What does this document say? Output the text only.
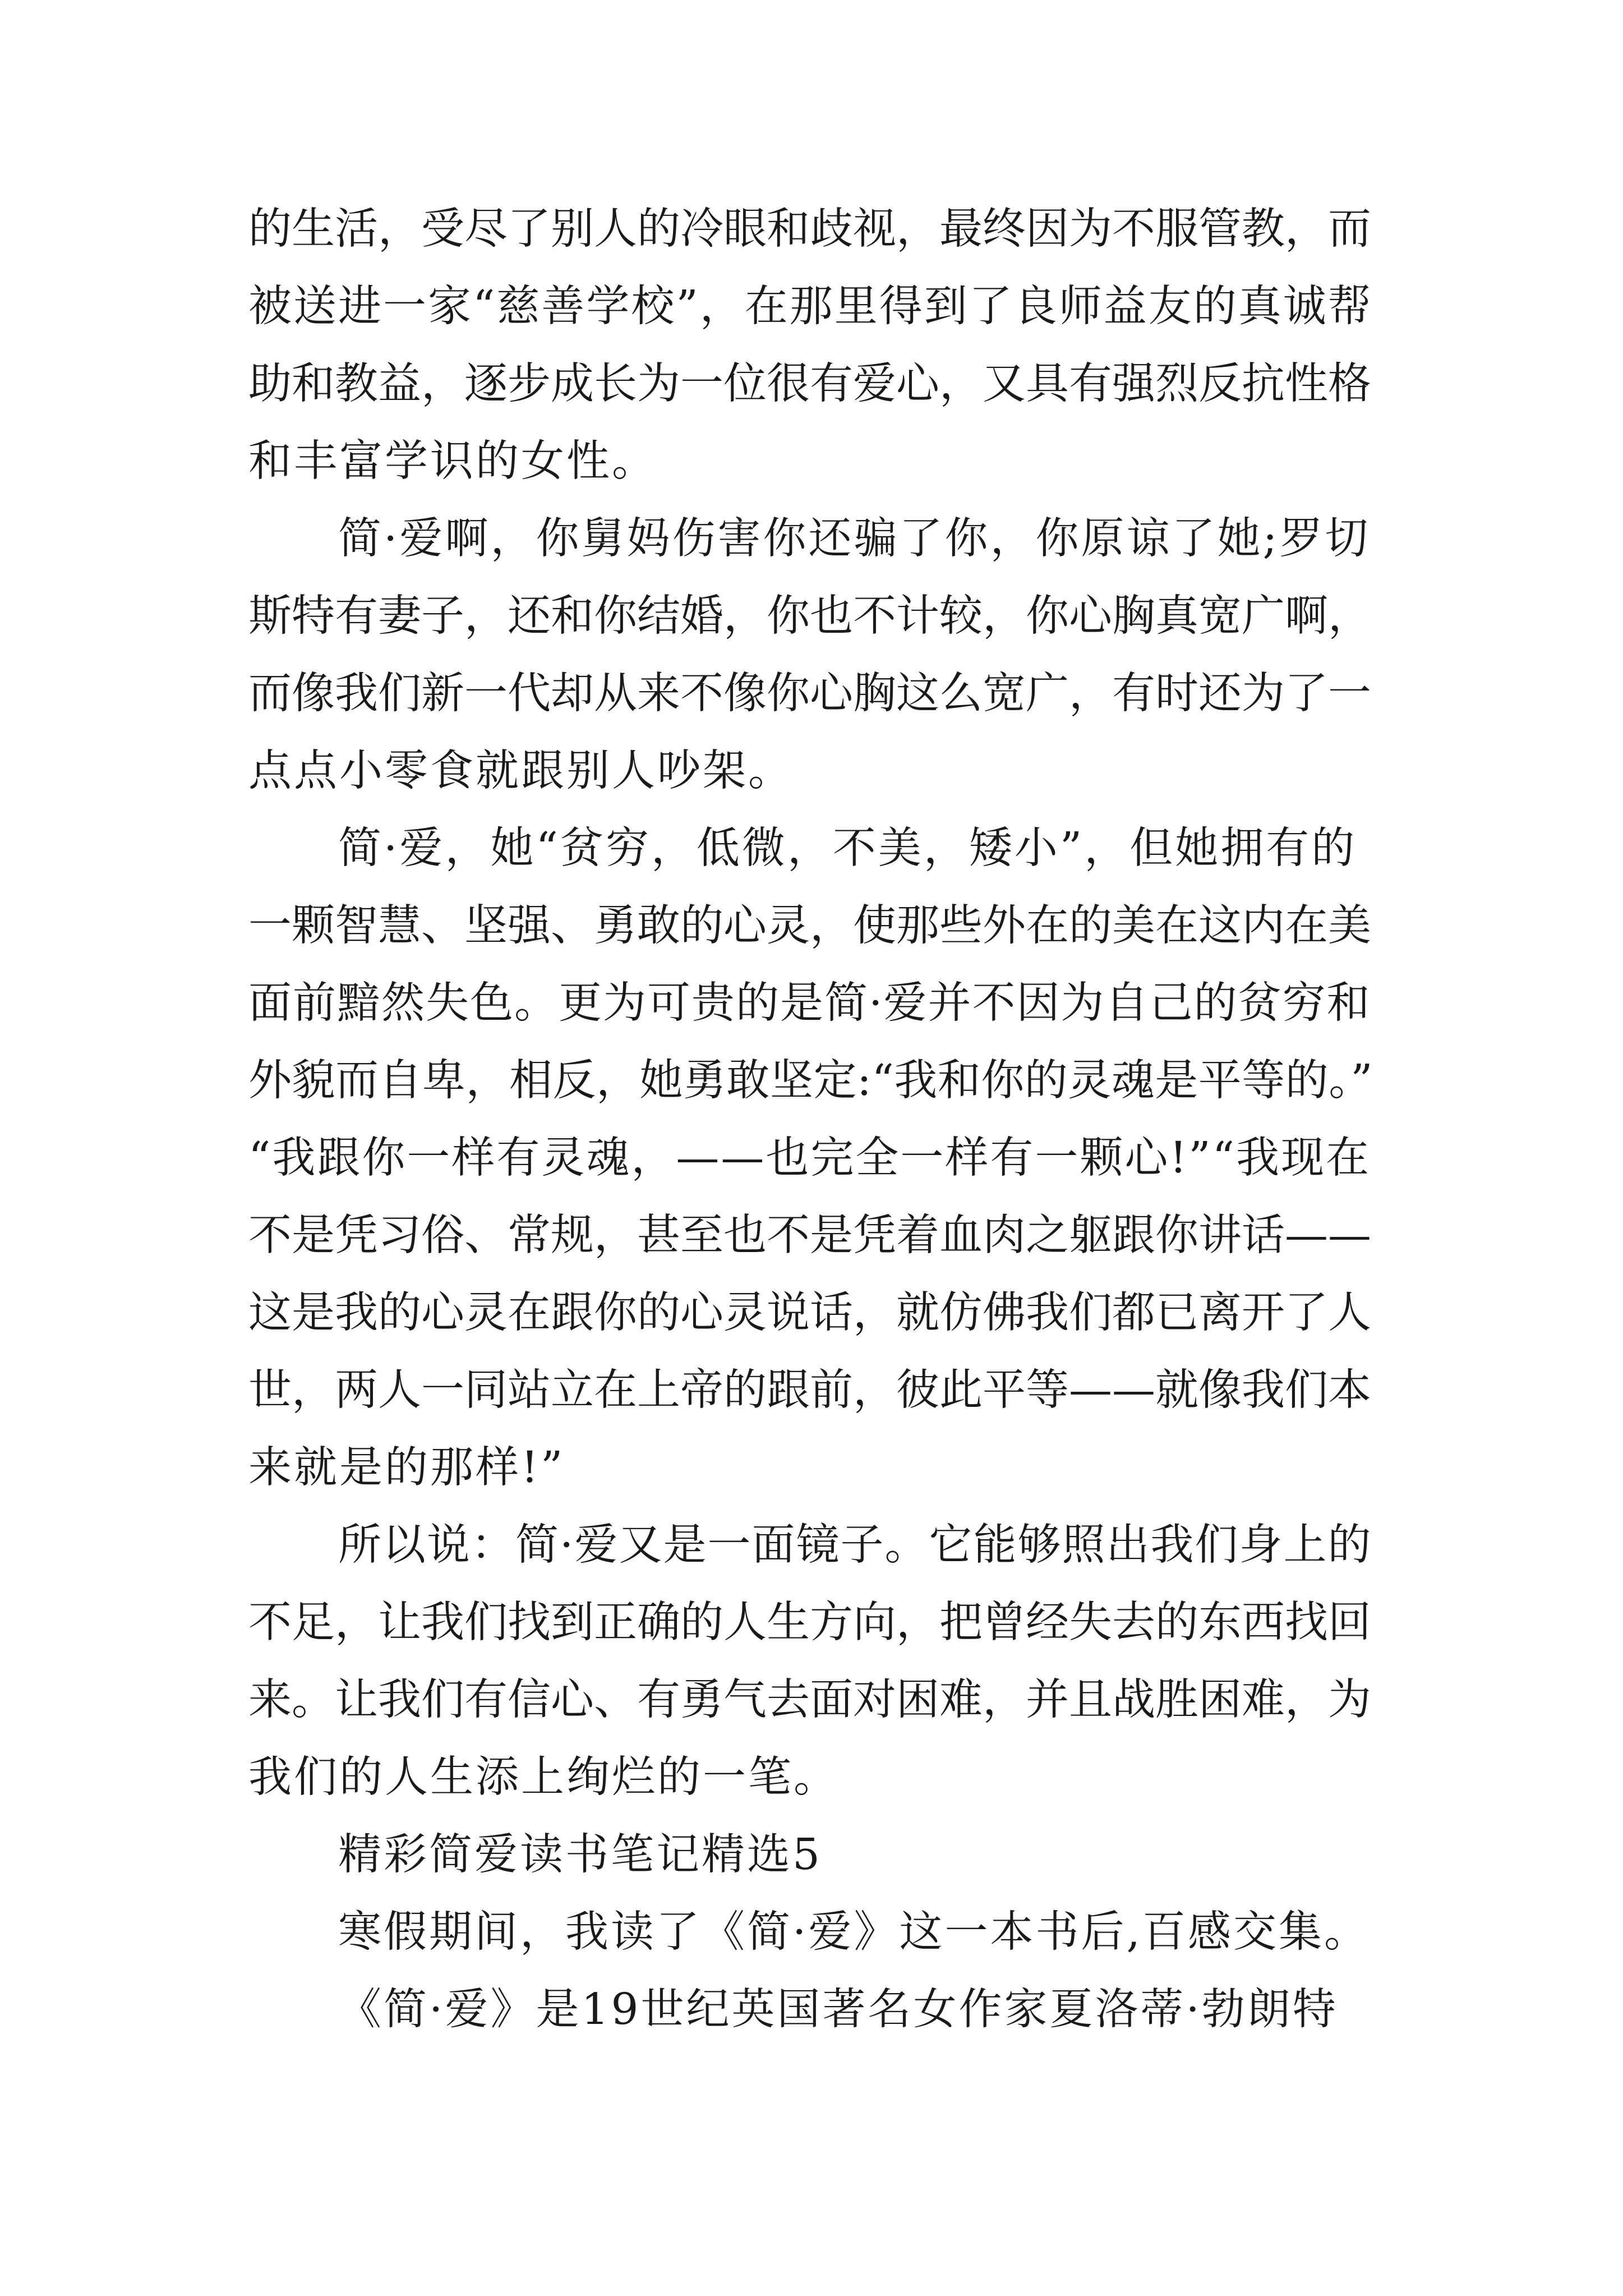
的生活，受尽了别人的冷眼和歧视，最终因为不服管教，而
被送进一家“慈善学校”，在那里得到了良师益友的真诚帮
助和教益，逐步成长为一位很有爱心，又具有强烈反抗性格
和丰富学识的女性。
简·爱啊，你舅妈伤害你还骗了你，你原谅了她;罗切
斯特有妻子，还和你结婚，你也不计较，你心胸真宽广啊，
而像我们新一代却从来不像你心胸这么宽广，有时还为了一
点点小零食就跟别人吵架。
简·爱，她“贫穷，低微，不美，矮小”，但她拥有的
一颗智慧、坚强、勇敢的心灵，使那些外在的美在这内在美
面前黯然失色。更为可贵的是简·爱并不因为自己的贫穷和
外貌而自卑，相反，她勇敢坚定:“我和你的灵魂是平等的。”
“我跟你一样有灵魂，——也完全一样有一颗心!”“我现在
不是凭习俗、常规，甚至也不是凭着血肉之躯跟你讲话——
这是我的心灵在跟你的心灵说话，就仿佛我们都已离开了人
世，两人一同站立在上帝的跟前，彼此平等——就像我们本
来就是的那样!”
所以说：简·爱又是一面镜子。它能够照出我们身上的
不足，让我们找到正确的人生方向，把曾经失去的东西找回
来。让我们有信心、有勇气去面对困难，并且战胜困难，为
我们的人生添上绚烂的一笔。
精彩简爱读书笔记精选5
寒假期间，我读了《简·爱》这一本书后,百感交集。
《简·爱》是19世纪英国著名女作家夏洛蒂·勃朗特
